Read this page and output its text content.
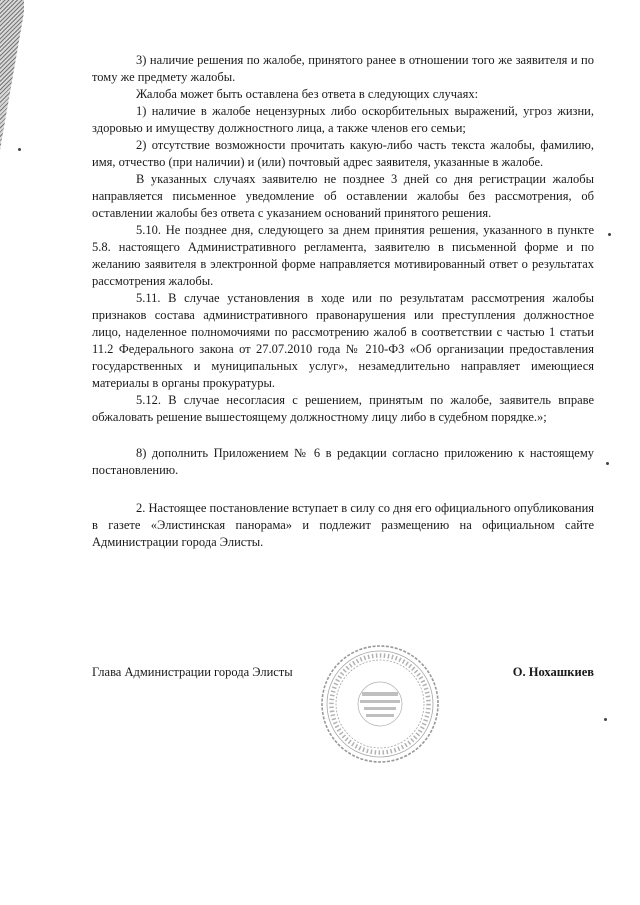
3) наличие решения по жалобе, принятого ранее в отношении того же заявителя и по тому же предмету жалобы.

Жалоба может быть оставлена без ответа в следующих случаях:

1) наличие в жалобе нецензурных либо оскорбительных выражений, угроз жизни, здоровью и имуществу должностного лица, а также членов его семьи;

2) отсутствие возможности прочитать какую-либо часть текста жалобы, фамилию, имя, отчество (при наличии) и (или) почтовый адрес заявителя, указанные в жалобе.

В указанных случаях заявителю не позднее 3 дней со дня регистрации жалобы направляется письменное уведомление об оставлении жалобы без рассмотрения, об оставлении жалобы без ответа с указанием оснований принятого решения.

5.10. Не позднее дня, следующего за днем принятия решения, указанного в пункте 5.8. настоящего Административного регламента, заявителю в письменной форме и по желанию заявителя в электронной форме направляется мотивированный ответ о результатах рассмотрения жалобы.

5.11. В случае установления в ходе или по результатам рассмотрения жалобы признаков состава административного правонарушения или преступления должностное лицо, наделенное полномочиями по рассмотрению жалоб в соответствии с частью 1 статьи 11.2 Федерального закона от 27.07.2010 года № 210-ФЗ «Об организации предоставления государственных и муниципальных услуг», незамедлительно направляет имеющиеся материалы в органы прокуратуры.

5.12. В случае несогласия с решением, принятым по жалобе, заявитель вправе обжаловать решение вышестоящему должностному лицу либо в судебном порядке.»;

8) дополнить Приложением № 6 в редакции согласно приложению к настоящему постановлению.

2. Настоящее постановление вступает в силу со дня его официального опубликования в газете «Элистинская панорама» и подлежит размещению на официальном сайте Администрации города Элисты.

Глава Администрации города Элисты	О. Нохашкиев
